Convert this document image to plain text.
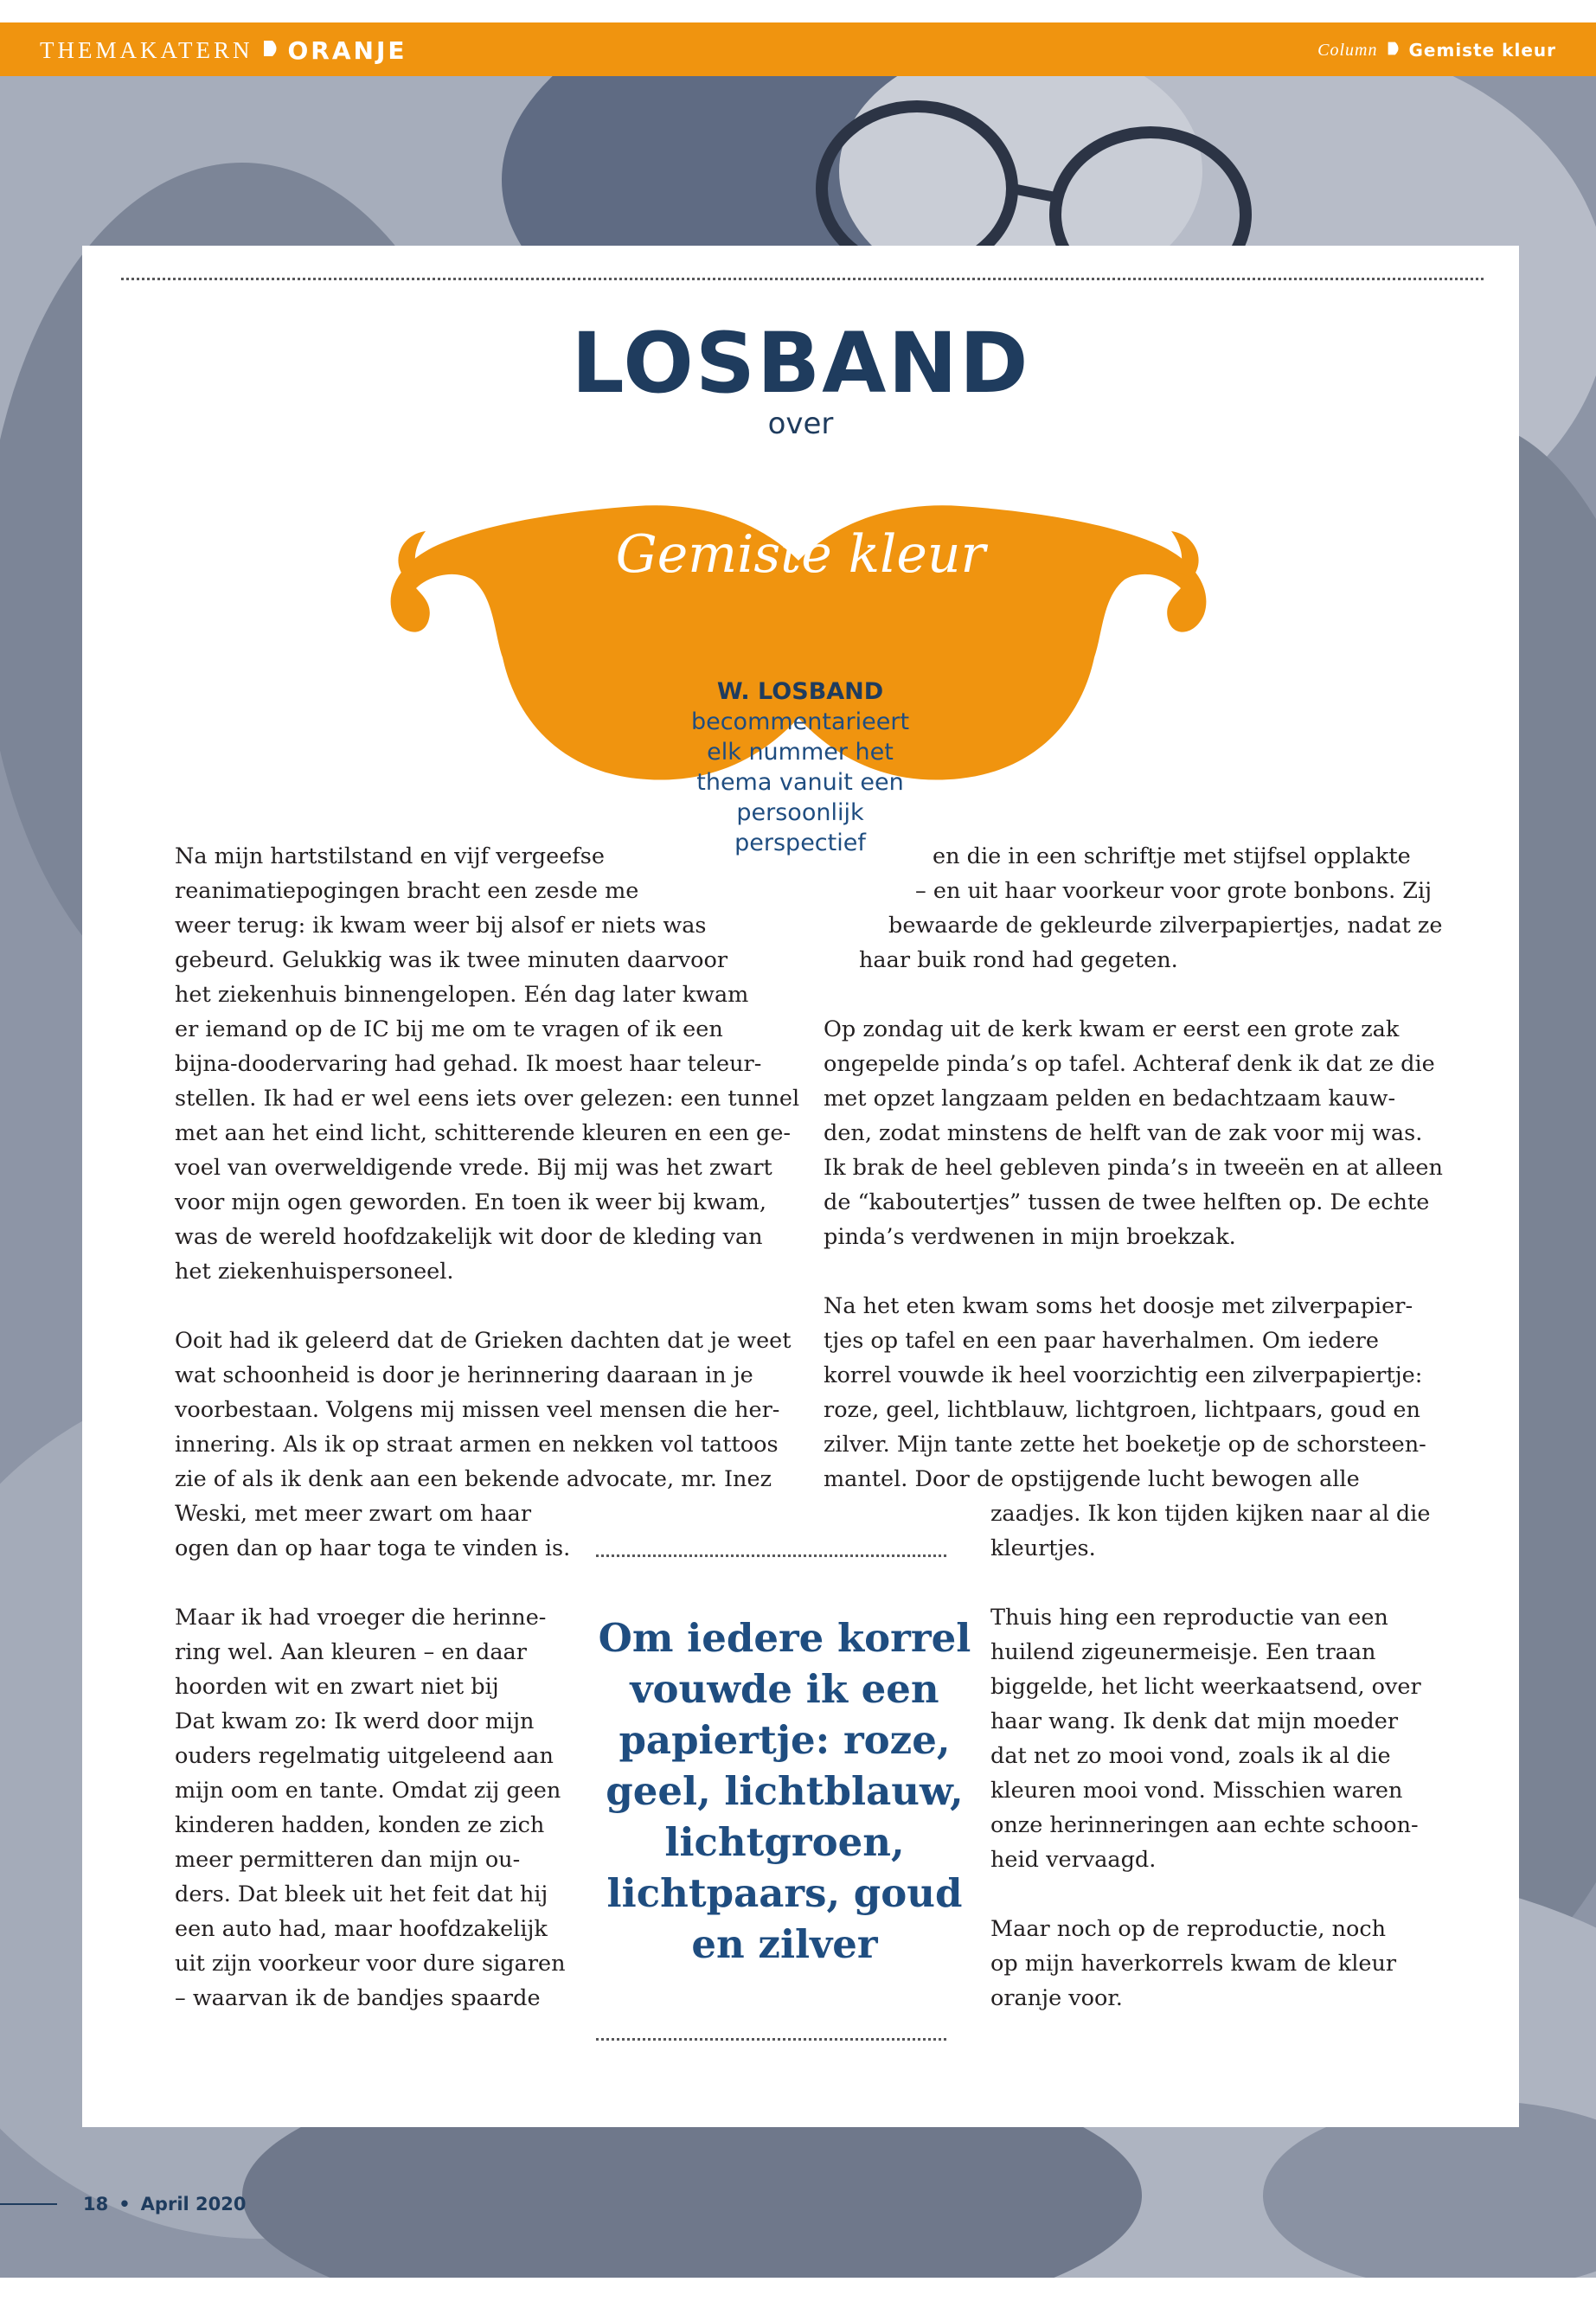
THEMAKATERN ORANJE	Column Gemiste kleur
LOSBAND
over
Gemiste kleur
W. LOSBAND
becommentarieert
elk nummer het
thema vanuit een
persoonlijk
perspectief
Na mijn hartstilstand en vijf vergeefse
reanimatiepogingen bracht een zesde me
weer terug: ik kwam weer bij alsof er niets was
gebeurd. Gelukkig was ik twee minuten daarvoor
het ziekenhuis binnengelopen. Eén dag later kwam
er iemand op de IC bij me om te vragen of ik een
bijna-doodervaring had gehad. Ik moest haar teleur-
stellen. Ik had er wel eens iets over gelezen: een tunnel
met aan het eind licht, schitterende kleuren en een ge-
voel van overweldigende vrede. Bij mij was het zwart
voor mijn ogen geworden. En toen ik weer bij kwam,
was de wereld hoofdzakelijk wit door de kleding van
het ziekenhuispersoneel.
Ooit had ik geleerd dat de Grieken dachten dat je weet
wat schoonheid is door je herinnering daaraan in je
voorbestaan. Volgens mij missen veel mensen die her-
innering. Als ik op straat armen en nekken vol tattoos
zie of als ik denk aan een bekende advocate, mr. Inez
Weski, met meer zwart om haar
ogen dan op haar toga te vinden is.
Maar ik had vroeger die herinne-
ring wel. Aan kleuren – en daar
hoorden wit en zwart niet bij
Dat kwam zo: Ik werd door mijn
ouders regelmatig uitgeleend aan
mijn oom en tante. Omdat zij geen
kinderen hadden, konden ze zich
meer permitteren dan mijn ou-
ders. Dat bleek uit het feit dat hij
een auto had, maar hoofdzakelijk
uit zijn voorkeur voor dure sigaren
– waarvan ik de bandjes spaarde
en die in een schriftje met stijfsel opplakte
– en uit haar voorkeur voor grote bonbons. Zij
bewaarde de gekleurde zilverpapiertjes, nadat ze
haar buik rond had gegeten.
Op zondag uit de kerk kwam er eerst een grote zak
ongepelde pinda’s op tafel. Achteraf denk ik dat ze die
met opzet langzaam pelden en bedachtzaam kauw-
den, zodat minstens de helft van de zak voor mij was.
Ik brak de heel gebleven pinda’s in tweeën en at alleen
de “kaboutertjes” tussen de twee helften op. De echte
pinda’s verdwenen in mijn broekzak.
Na het eten kwam soms het doosje met zilverpapier-
tjes op tafel en een paar haverhalmen. Om iedere
korrel vouwde ik heel voorzichtig een zilverpapiertje:
roze, geel, lichtblauw, lichtgroen, lichtpaars, goud en
zilver. Mijn tante zette het boeketje op de schorsteen-
mantel. Door de opstijgende lucht bewogen alle
zaadjes. Ik kon tijden kijken naar al die
kleurtjes.
Thuis hing een reproductie van een
huilend zigeunermeisje. Een traan
biggelde, het licht weerkaatsend, over
haar wang. Ik denk dat mijn moeder
dat net zo mooi vond, zoals ik al die
kleuren mooi vond. Misschien waren
onze herinneringen aan echte schoon-
heid vervaagd.
Maar noch op de reproductie, noch
op mijn haverkorrels kwam de kleur
oranje voor.
Om iedere korrel vouwde ik een papiertje: roze, geel, lichtblauw, lichtgroen, lichtpaars, goud en zilver
18 • April 2020
